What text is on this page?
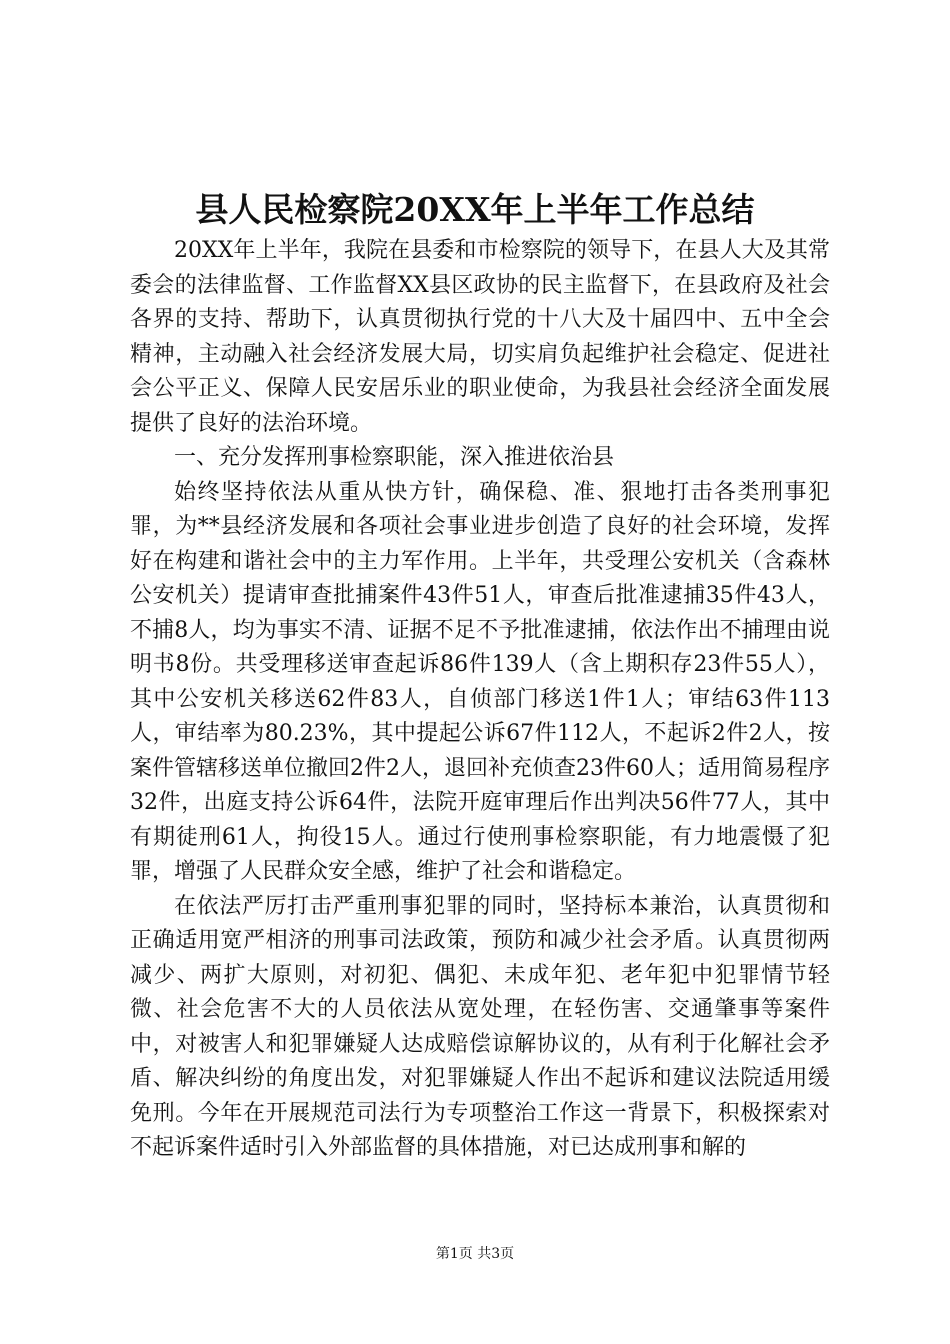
县人民检察院20XX年上半年工作总结

20XX年上半年，我院在县委和市检察院的领导下，在县人大及其常委会的法律监督、工作监督XX县区政协的民主监督下，在县政府及社会各界的支持、帮助下，认真贯彻执行党的十八大及十届四中、五中全会精神，主动融入社会经济发展大局，切实肩负起维护社会稳定、促进社会公平正义、保障人民安居乐业的职业使命，为我县社会经济全面发展提供了良好的法治环境。

一、充分发挥刑事检察职能，深入推进依治县

始终坚持依法从重从快方针，确保稳、准、狠地打击各类刑事犯罪，为**县经济发展和各项社会事业进步创造了良好的社会环境，发挥好在构建和谐社会中的主力军作用。上半年，共受理公安机关（含森林公安机关）提请审查批捕案件43件51人，审查后批准逮捕35件43人，不捕8人，均为事实不清、证据不足不予批准逮捕，依法作出不捕理由说明书8份。共受理移送审查起诉86件139人（含上期积存23件55人），其中公安机关移送62件83人，自侦部门移送1件1人；审结63件113人，审结率为80.23%，其中提起公诉67件112人，不起诉2件2人，按案件管辖移送单位撤回2件2人，退回补充侦查23件60人；适用简易程序32件，出庭支持公诉64件，法院开庭审理后作出判决56件77人，其中有期徒刑61人，拘役15人。通过行使刑事检察职能，有力地震慑了犯罪，增强了人民群众安全感，维护了社会和谐稳定。

在依法严厉打击严重刑事犯罪的同时，坚持标本兼治，认真贯彻和正确适用宽严相济的刑事司法政策，预防和减少社会矛盾。认真贯彻两减少、两扩大原则，对初犯、偶犯、未成年犯、老年犯中犯罪情节轻微、社会危害不大的人员依法从宽处理，在轻伤害、交通肇事等案件中，对被害人和犯罪嫌疑人达成赔偿谅解协议的，从有利于化解社会矛盾、解决纠纷的角度出发，对犯罪嫌疑人作出不起诉和建议法院适用缓免刑。今年在开展规范司法行为专项整治工作这一背景下，积极探索对不起诉案件适时引入外部监督的具体措施，对已达成刑事和解的

第1页 共3页
